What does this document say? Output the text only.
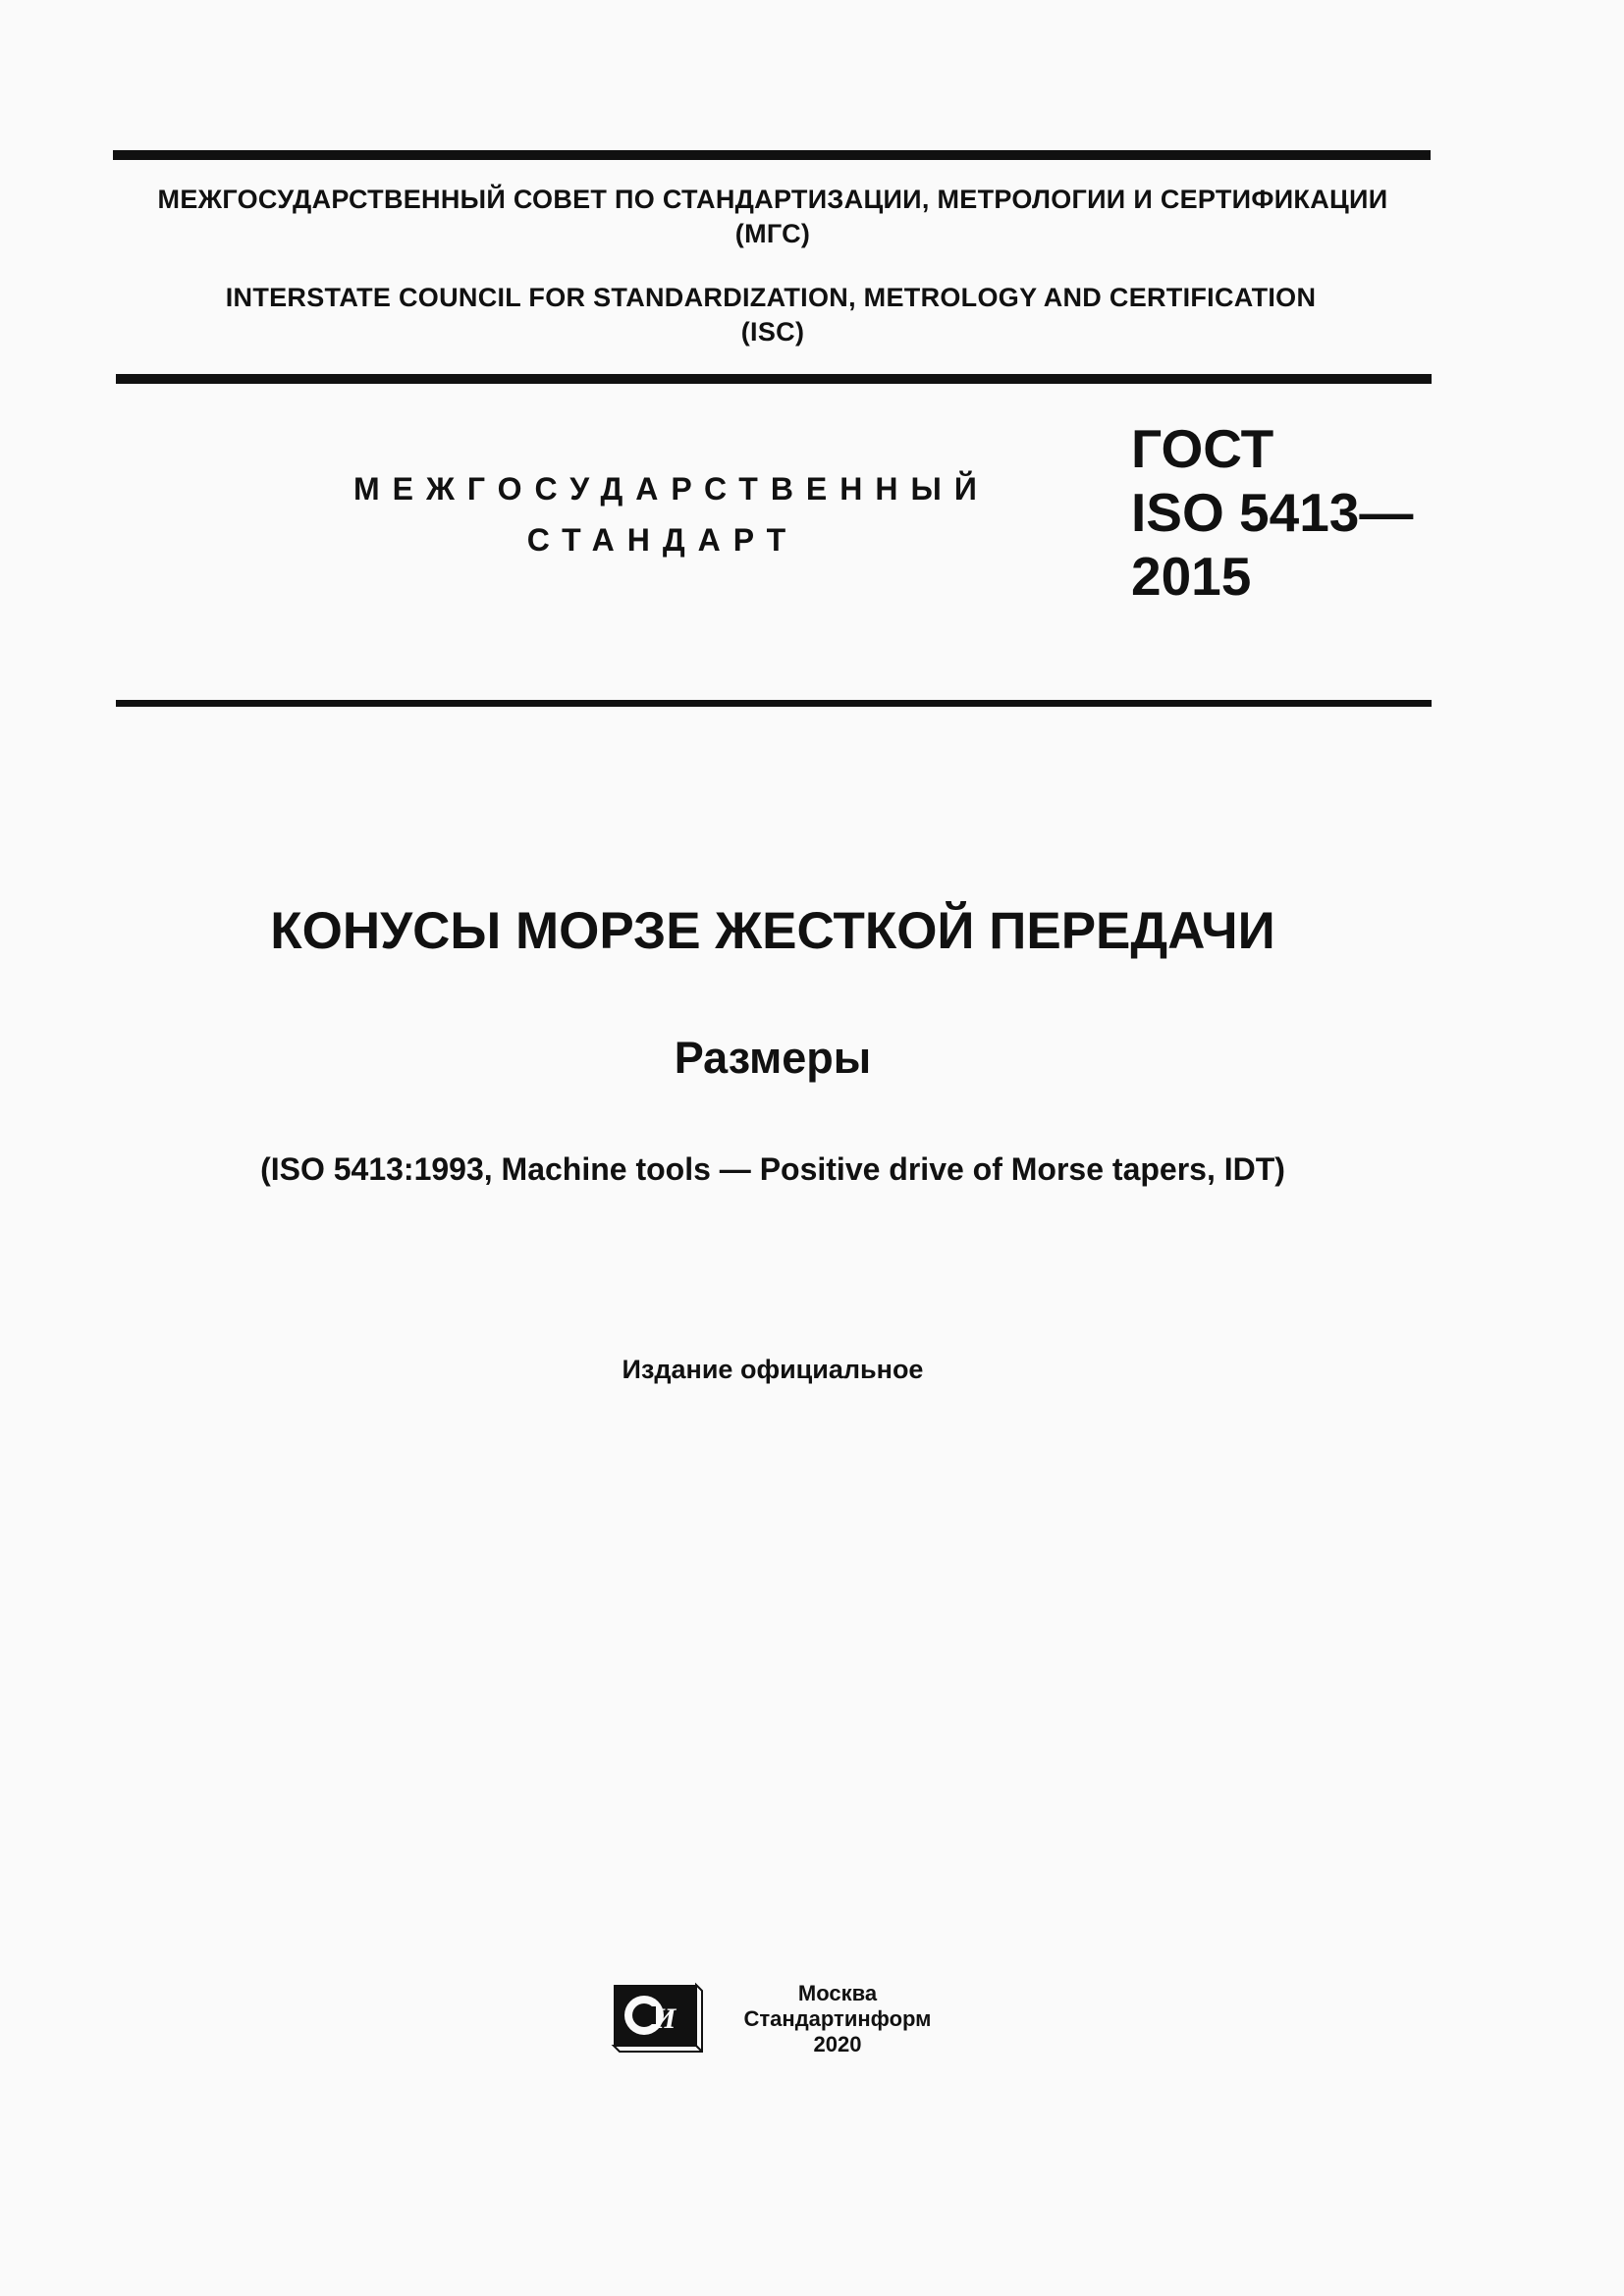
МЕЖГОСУДАРСТВЕННЫЙ СОВЕТ ПО СТАНДАРТИЗАЦИИ, МЕТРОЛОГИИ И СЕРТИФИКАЦИИ
(МГС)
INTERSTATE COUNCIL FOR STANDARDIZATION, METROLOGY AND CERTIFICATION
(ISC)
МЕЖГОСУДАРСТВЕННЫЙ
СТАНДАРТ
ГОСТ
ISO 5413—
2015
КОНУСЫ МОРЗЕ ЖЕСТКОЙ ПЕРЕДАЧИ
Размеры
(ISO 5413:1993, Machine tools — Positive drive of Morse tapers, IDT)
Издание официальное
И
Москва
Стандартинформ
2020
